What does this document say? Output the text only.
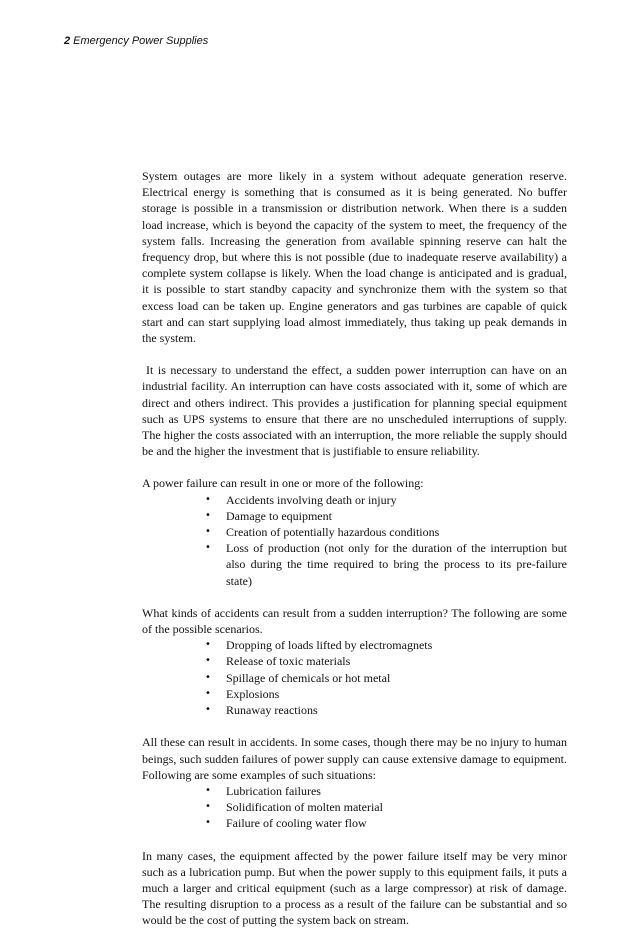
2 Emergency Power Supplies

System outages are more likely in a system without adequate generation reserve. Electrical energy is something that is consumed as it is being generated. No buffer storage is possible in a transmission or distribution network. When there is a sudden load increase, which is beyond the capacity of the system to meet, the frequency of the system falls. Increasing the generation from available spinning reserve can halt the frequency drop, but where this is not possible (due to inadequate reserve availability) a complete system collapse is likely. When the load change is anticipated and is gradual, it is possible to start standby capacity and synchronize them with the system so that excess load can be taken up. Engine generators and gas turbines are capable of quick start and can start supplying load almost immediately, thus taking up peak demands in the system.

It is necessary to understand the effect, a sudden power interruption can have on an industrial facility. An interruption can have costs associated with it, some of which are direct and others indirect. This provides a justification for planning special equipment such as UPS systems to ensure that there are no unscheduled interruptions of supply. The higher the costs associated with an interruption, the more reliable the supply should be and the higher the investment that is justifiable to ensure reliability.

A power failure can result in one or more of the following:

• Accidents involving death or injury
• Damage to equipment
• Creation of potentially hazardous conditions
• Loss of production (not only for the duration of the interruption but also during the time required to bring the process to its pre-failure state)

What kinds of accidents can result from a sudden interruption? The following are some of the possible scenarios.

• Dropping of loads lifted by electromagnets
• Release of toxic materials
• Spillage of chemicals or hot metal
• Explosions
• Runaway reactions

All these can result in accidents. In some cases, though there may be no injury to human beings, such sudden failures of power supply can cause extensive damage to equipment. Following are some examples of such situations:

• Lubrication failures
• Solidification of molten material
• Failure of cooling water flow

In many cases, the equipment affected by the power failure itself may be very minor such as a lubrication pump. But when the power supply to this equipment fails, it puts a much a larger and critical equipment (such as a large compressor) at risk of damage. The resulting disruption to a process as a result of the failure can be substantial and so would be the cost of putting the system back on stream.
